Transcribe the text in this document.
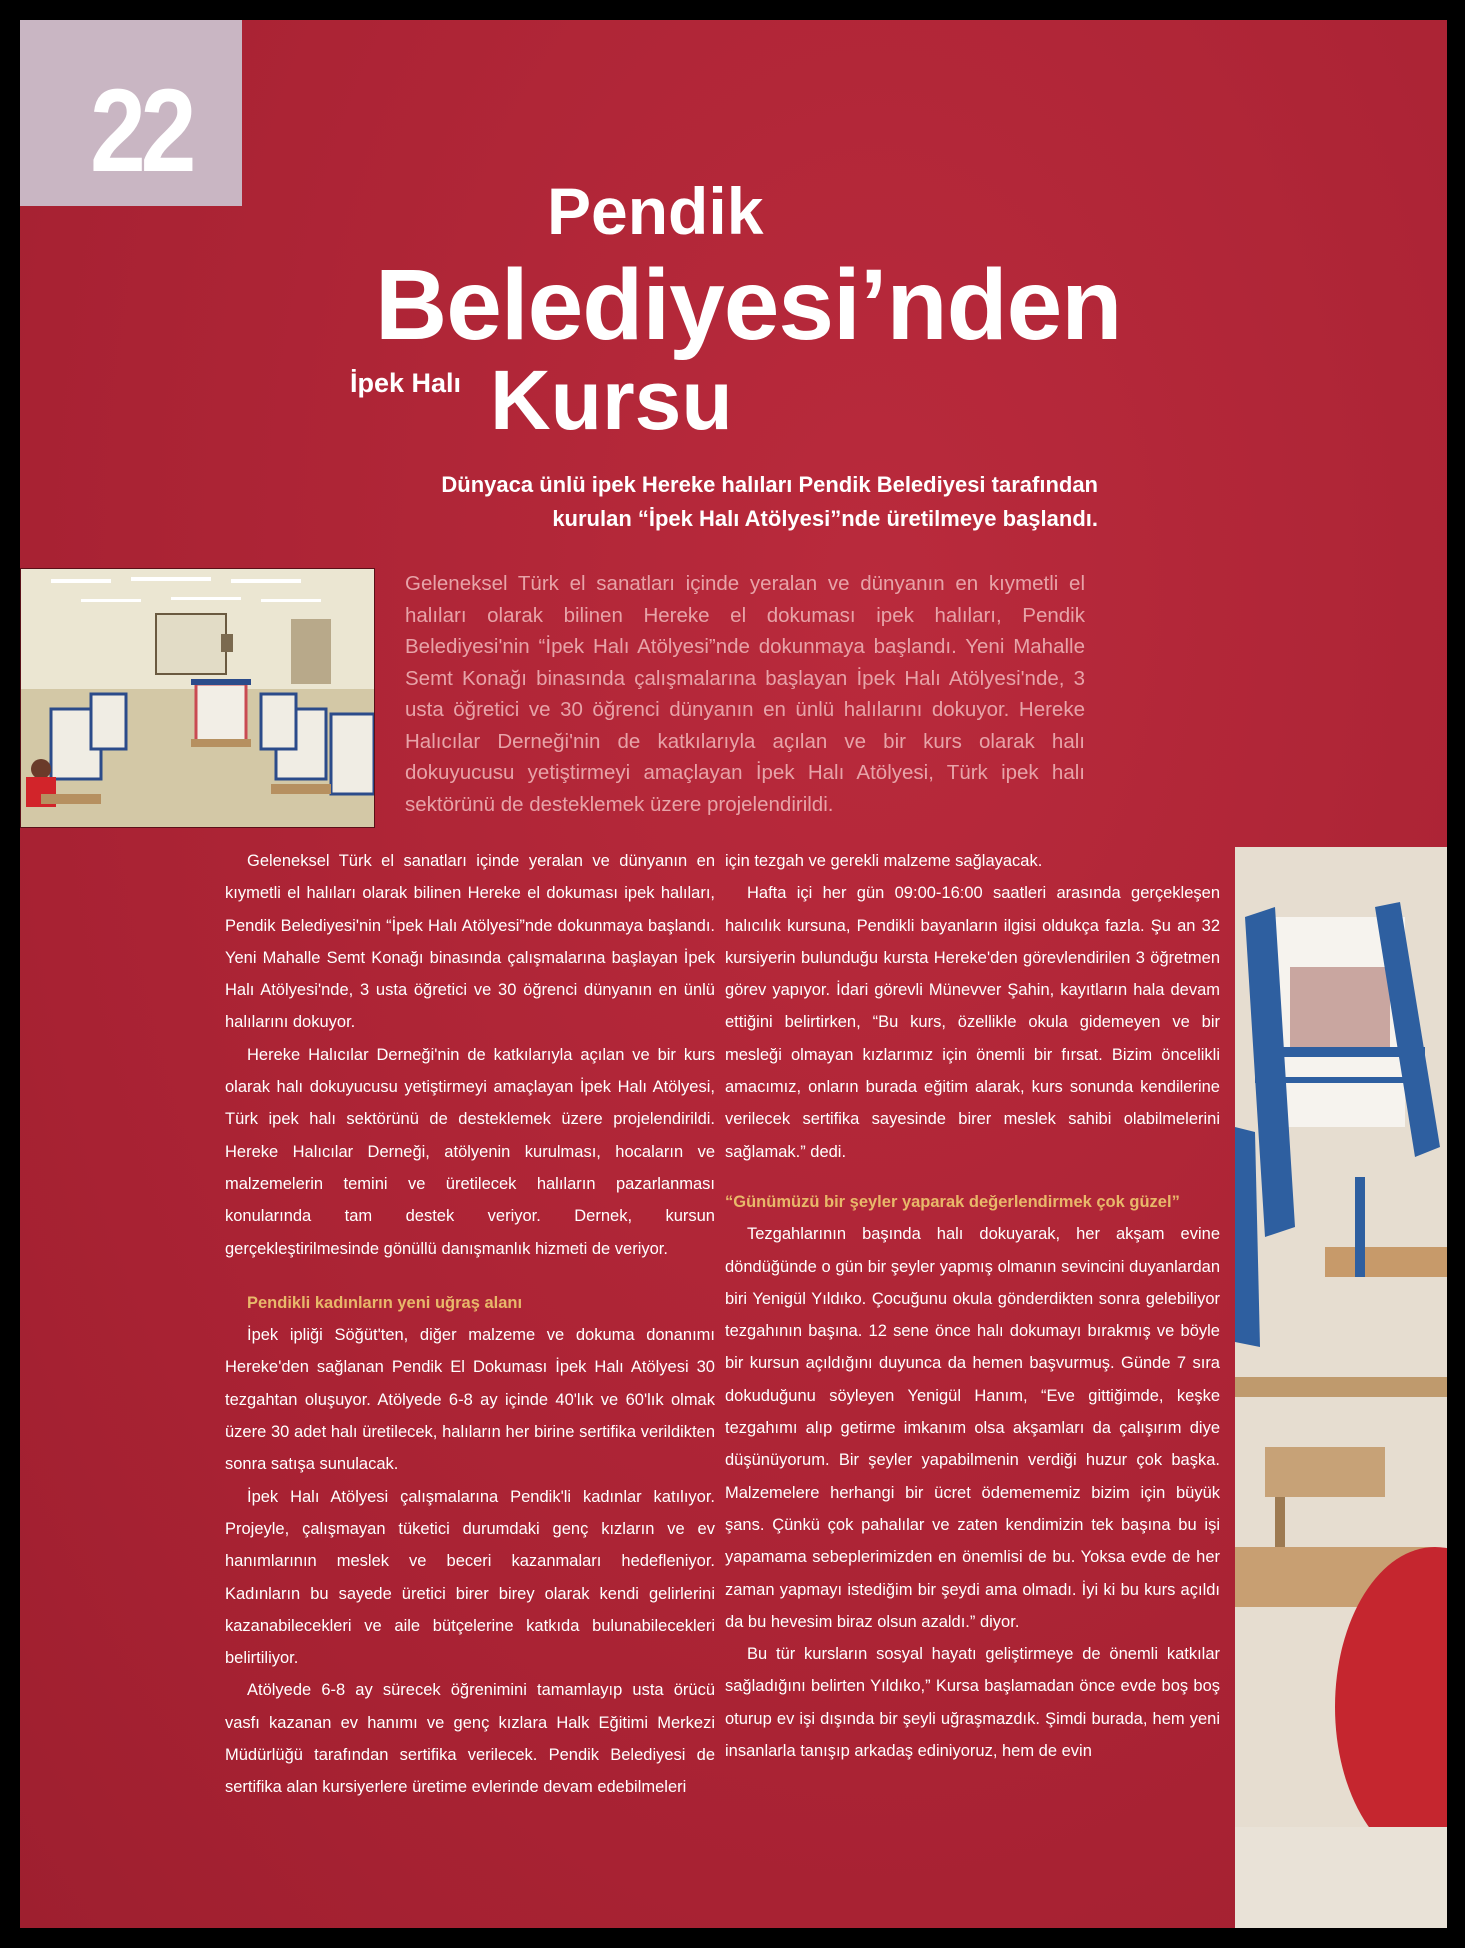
22
Pendik
Belediyesi’nden
İpek Halı Kursu
Dünyaca ünlü ipek Hereke halıları Pendik Belediyesi tarafından kurulan “İpek Halı Atölyesi”nde üretilmeye başlandı.
Geleneksel Türk el sanatları içinde yeralan ve dünyanın en kıymetli el halıları olarak bilinen Hereke el dokuması ipek halıları, Pendik Belediyesi'nin “İpek Halı Atölyesi”nde dokunmaya başlandı. Yeni Mahalle Semt Konağı binasında çalışmalarına başlayan İpek Halı Atölyesi'nde, 3 usta öğretici ve 30 öğrenci dünyanın en ünlü halılarını dokuyor. Hereke Halıcılar Derneği'nin de katkılarıyla açılan ve bir kurs olarak halı dokuyucusu yetiştirmeyi amaçlayan İpek Halı Atölyesi, Türk ipek halı sektörünü de desteklemek üzere projelendirildi.

Geleneksel Türk el sanatları içinde yeralan ve dünyanın en kıymetli el halıları olarak bilinen Hereke el dokuması ipek halıları, Pendik Belediyesi'nin “İpek Halı Atölyesi”nde dokunmaya başlandı. Yeni Mahalle Semt Konağı binasında çalışmalarına başlayan İpek Halı Atölyesi'nde, 3 usta öğretici ve 30 öğrenci dünyanın en ünlü halılarını dokuyor.

Hereke Halıcılar Derneği'nin de katkılarıyla açılan ve bir kurs olarak halı dokuyucusu yetiştirmeyi amaçlayan İpek Halı Atölyesi, Türk ipek halı sektörünü de desteklemek üzere projelendirildi. Hereke Halıcılar Derneği, atölyenin kurulması, hocaların ve malzemelerin temini ve üretilecek halıların pazarlanması konularında tam destek veriyor. Dernek, kursun gerçekleştirilmesinde gönüllü danışmanlık hizmeti de veriyor.

Pendikli kadınların yeni uğraş alanı

İpek ipliği Söğüt'ten, diğer malzeme ve dokuma donanımı Hereke'den sağlanan Pendik El Dokuması İpek Halı Atölyesi 30 tezgahtan oluşuyor. Atölyede 6-8 ay içinde 40'lık ve 60'lık olmak üzere 30 adet halı üretilecek, halıların her birine sertifika verildikten sonra satışa sunulacak.

İpek Halı Atölyesi çalışmalarına Pendik'li kadınlar katılıyor. Projeyle, çalışmayan tüketici durumdaki genç kızların ve ev hanımlarının meslek ve beceri kazanmaları hedefleniyor. Kadınların bu sayede üretici birer birey olarak kendi gelirlerini kazanabilecekleri ve aile bütçelerine katkıda bulunabilecekleri belirtiliyor.

Atölyede 6-8 ay sürecek öğrenimini tamamlayıp usta örücü vasfı kazanan ev hanımı ve genç kızlara Halk Eğitimi Merkezi Müdürlüğü tarafından sertifika verilecek. Pendik Belediyesi de sertifika alan kursiyerlere üretime evlerinde devam edebilmeleri

için tezgah ve gerekli malzeme sağlayacak.

Hafta içi her gün 09:00-16:00 saatleri arasında gerçekleşen halıcılık kursuna, Pendikli bayanların ilgisi oldukça fazla. Şu an 32 kursiyerin bulunduğu kursta Hereke'den görevlendirilen 3 öğretmen görev yapıyor. İdari görevli Münevver Şahin, kayıtların hala devam ettiğini belirtirken, “Bu kurs, özellikle okula gidemeyen ve bir mesleği olmayan kızlarımız için önemli bir fırsat. Bizim öncelikli amacımız, onların burada eğitim alarak, kurs sonunda kendilerine verilecek sertifika sayesinde birer meslek sahibi olabilmelerini sağlamak.” dedi.

“Günümüzü bir şeyler yaparak değerlendirmek çok güzel”

Tezgahlarının başında halı dokuyarak, her akşam evine döndüğünde o gün bir şeyler yapmış olmanın sevincini duyanlardan biri Yenigül Yıldıko. Çocuğunu okula gönderdikten sonra gelebiliyor tezgahının başına. 12 sene önce halı dokumayı bırakmış ve böyle bir kursun açıldığını duyunca da hemen başvurmuş. Günde 7 sıra dokuduğunu söyleyen Yenigül Hanım, “Eve gittiğimde, keşke tezgahımı alıp getirme imkanım olsa akşamları da çalışırım diye düşünüyorum. Bir şeyler yapabilmenin verdiği huzur çok başka. Malzemelere herhangi bir ücret ödemememiz bizim için büyük şans. Çünkü çok pahalılar ve zaten kendimizin tek başına bu işi yapamama sebeplerimizden en önemlisi de bu. Yoksa evde de her zaman yapmayı istediğim bir şeydi ama olmadı. İyi ki bu kurs açıldı da bu hevesim biraz olsun azaldı.” diyor.

Bu tür kursların sosyal hayatı geliştirmeye de önemli katkılar sağladığını belirten Yıldıko,” Kursa başlamadan önce evde boş boş oturup ev işi dışında bir şeyli uğraşmazdık. Şimdi burada, hem yeni insanlarla tanışıp arkadaş ediniyoruz, hem de evin
